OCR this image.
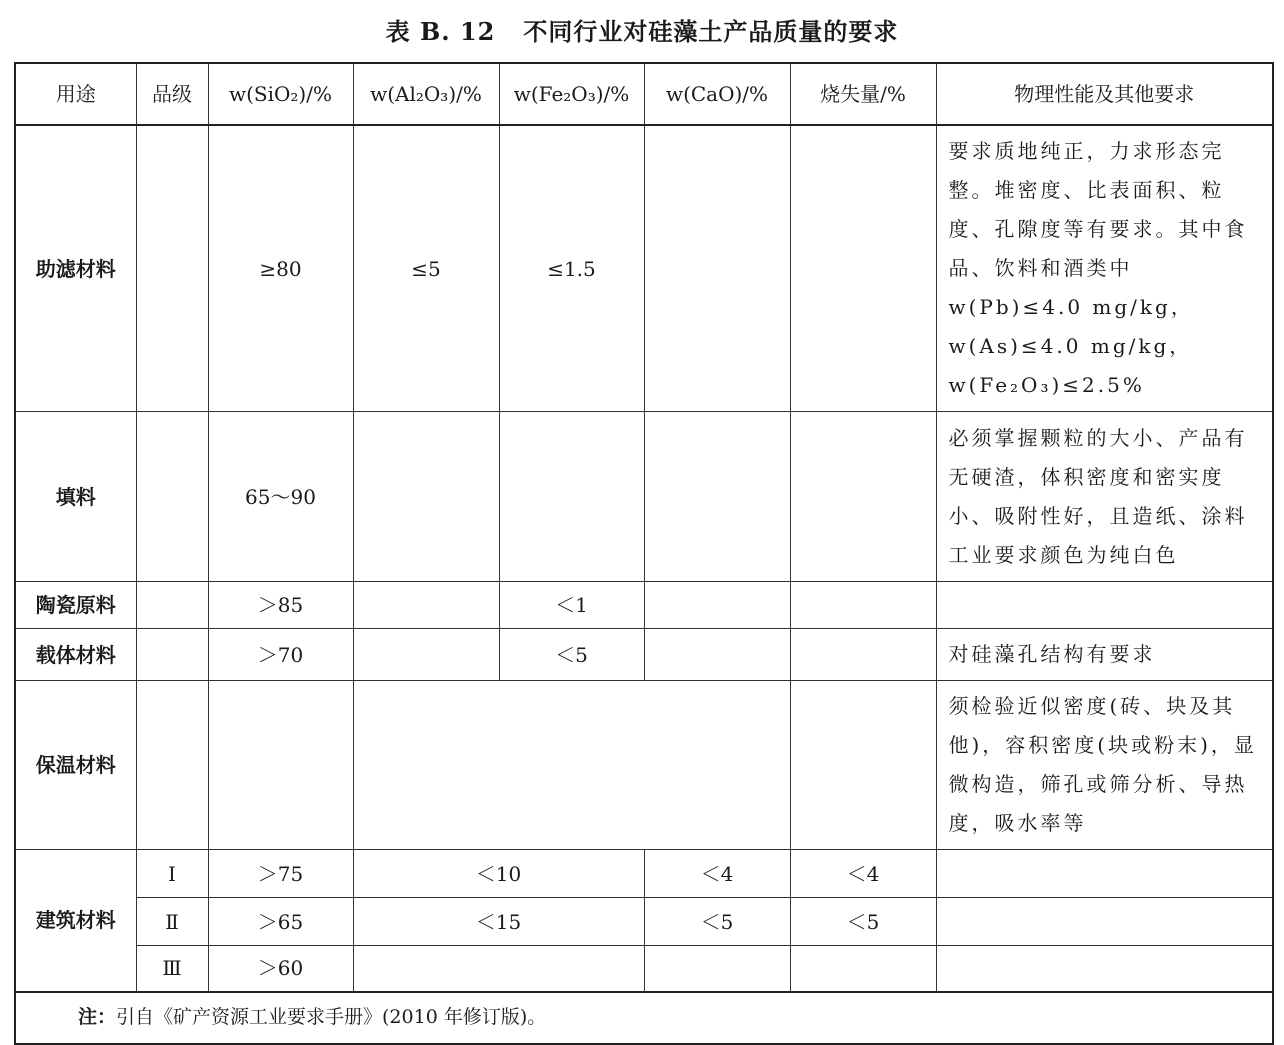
表 B. 12 不同行业对硅藻土产品质量的要求
用途	品级	w(SiO₂)/%	w(Al₂O₃)/%	w(Fe₂O₃)/%	w(CaO)/%	烧失量/%	物理性能及其他要求
助滤材料		≥80	≤5	≤1.5			要求质地纯正，力求形态完整。堆密度、比表面积、粒度、孔隙度等有要求。其中食品、饮料和酒类中 w(Pb)≤4.0 mg/kg，w(As)≤4.0 mg/kg，w(Fe₂O₃)≤2.5%
填料		65～90					必须掌握颗粒的大小、产品有无硬渣，体积密度和密实度小、吸附性好，且造纸、涂料工业要求颜色为纯白色
陶瓷原料		＞85		＜1			
载体材料		＞70		＜5			对硅藻孔结构有要求
保温材料							须检验近似密度(砖、块及其他)，容积密度(块或粉末)，显微构造，筛孔或筛分析、导热度，吸水率等
建筑材料	Ⅰ	＞75	＜10		＜4	＜4	
	Ⅱ	＞65	＜15		＜5	＜5	
	Ⅲ	＞60					
注：引自《矿产资源工业要求手册》(2010 年修订版)。							
